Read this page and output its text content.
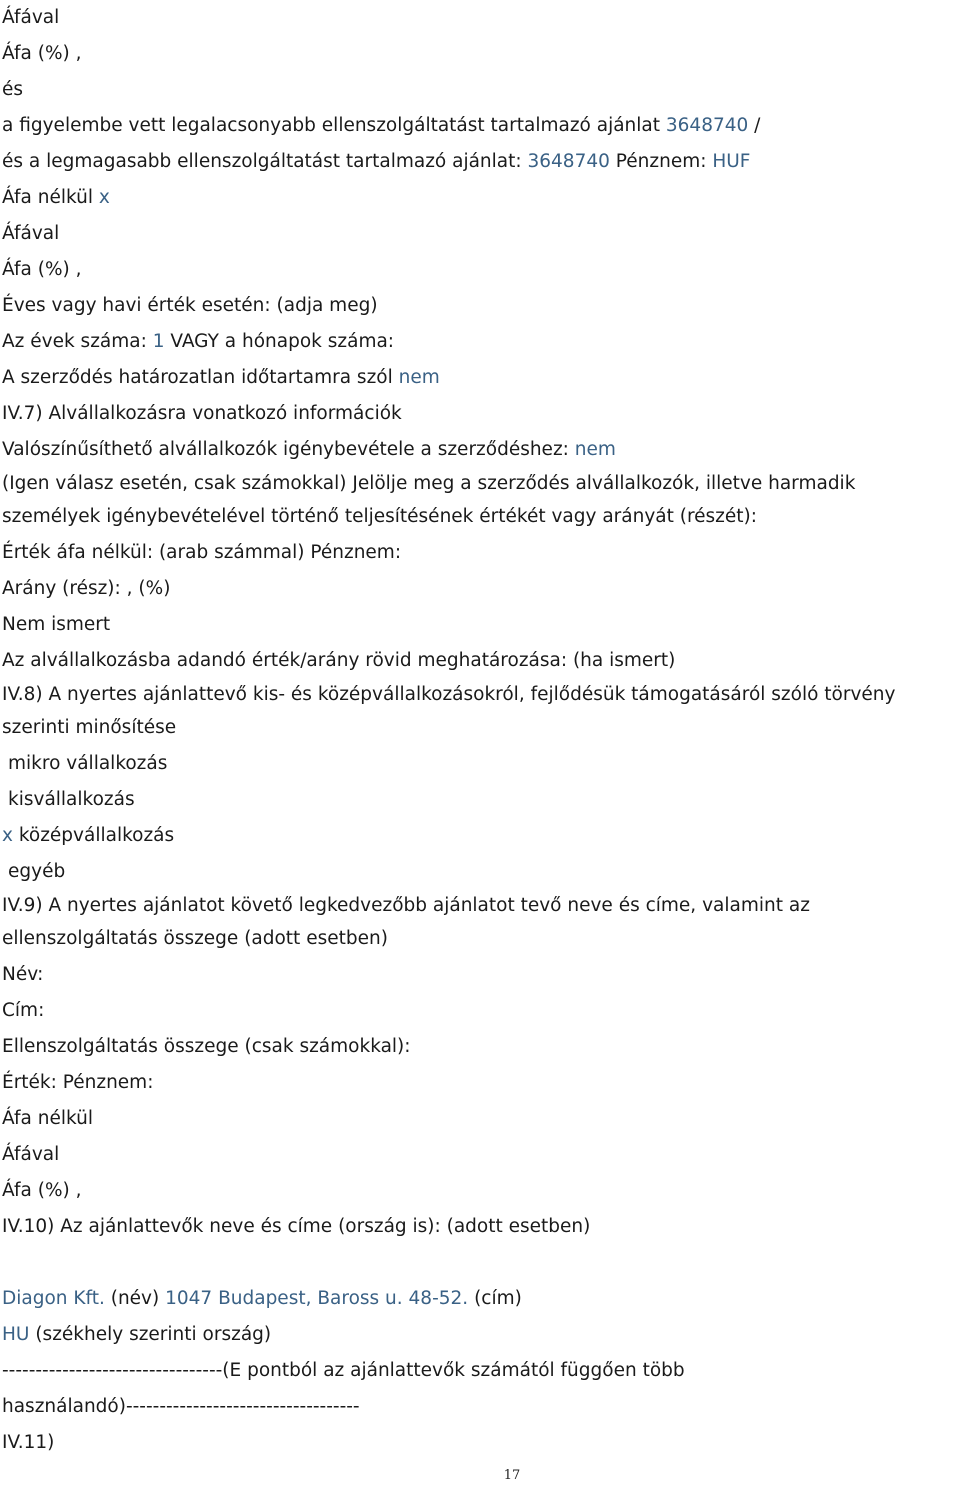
Áfával
Áfa (%) ,
és
a figyelembe vett legalacsonyabb ellenszolgáltatást tartalmazó ajánlat 3648740 /
és a legmagasabb ellenszolgáltatást tartalmazó ajánlat: 3648740 Pénznem: HUF
Áfa nélkül x
Áfával
Áfa (%) ,
Éves vagy havi érték esetén: (adja meg)
Az évek száma: 1 VAGY a hónapok száma:
A szerződés határozatlan időtartamra szól nem
IV.7) Alvállalkozásra vonatkozó információk
Valószínűsíthető alvállalkozók igénybevétele a szerződéshez: nem
(Igen válasz esetén, csak számokkal) Jelölje meg a szerződés alvállalkozók, illetve harmadik
személyek igénybevételével történő teljesítésének értékét vagy arányát (részét):
Érték áfa nélkül: (arab számmal) Pénznem:
Arány (rész): , (%)
Nem ismert
Az alvállalkozásba adandó érték/arány rövid meghatározása: (ha ismert)
IV.8) A nyertes ajánlattevő kis- és középvállalkozásokról, fejlődésük támogatásáról szóló törvény
szerinti minősítése
mikro vállalkozás
kisvállalkozás
x középvállalkozás
egyéb
IV.9) A nyertes ajánlatot követő legkedvezőbb ajánlatot tevő neve és címe, valamint az
ellenszolgáltatás összege (adott esetben)
Név:
Cím:
Ellenszolgáltatás összege (csak számokkal):
Érték: Pénznem:
Áfa nélkül
Áfával
Áfa (%) ,
IV.10) Az ajánlattevők neve és címe (ország is): (adott esetben)
Diagon Kft. (név) 1047 Budapest, Baross u. 48-52. (cím)
HU (székhely szerinti ország)
---------------------------------(E pontból az ajánlattevők számától függően több
használandó)-----------------------------------
IV.11)
17
